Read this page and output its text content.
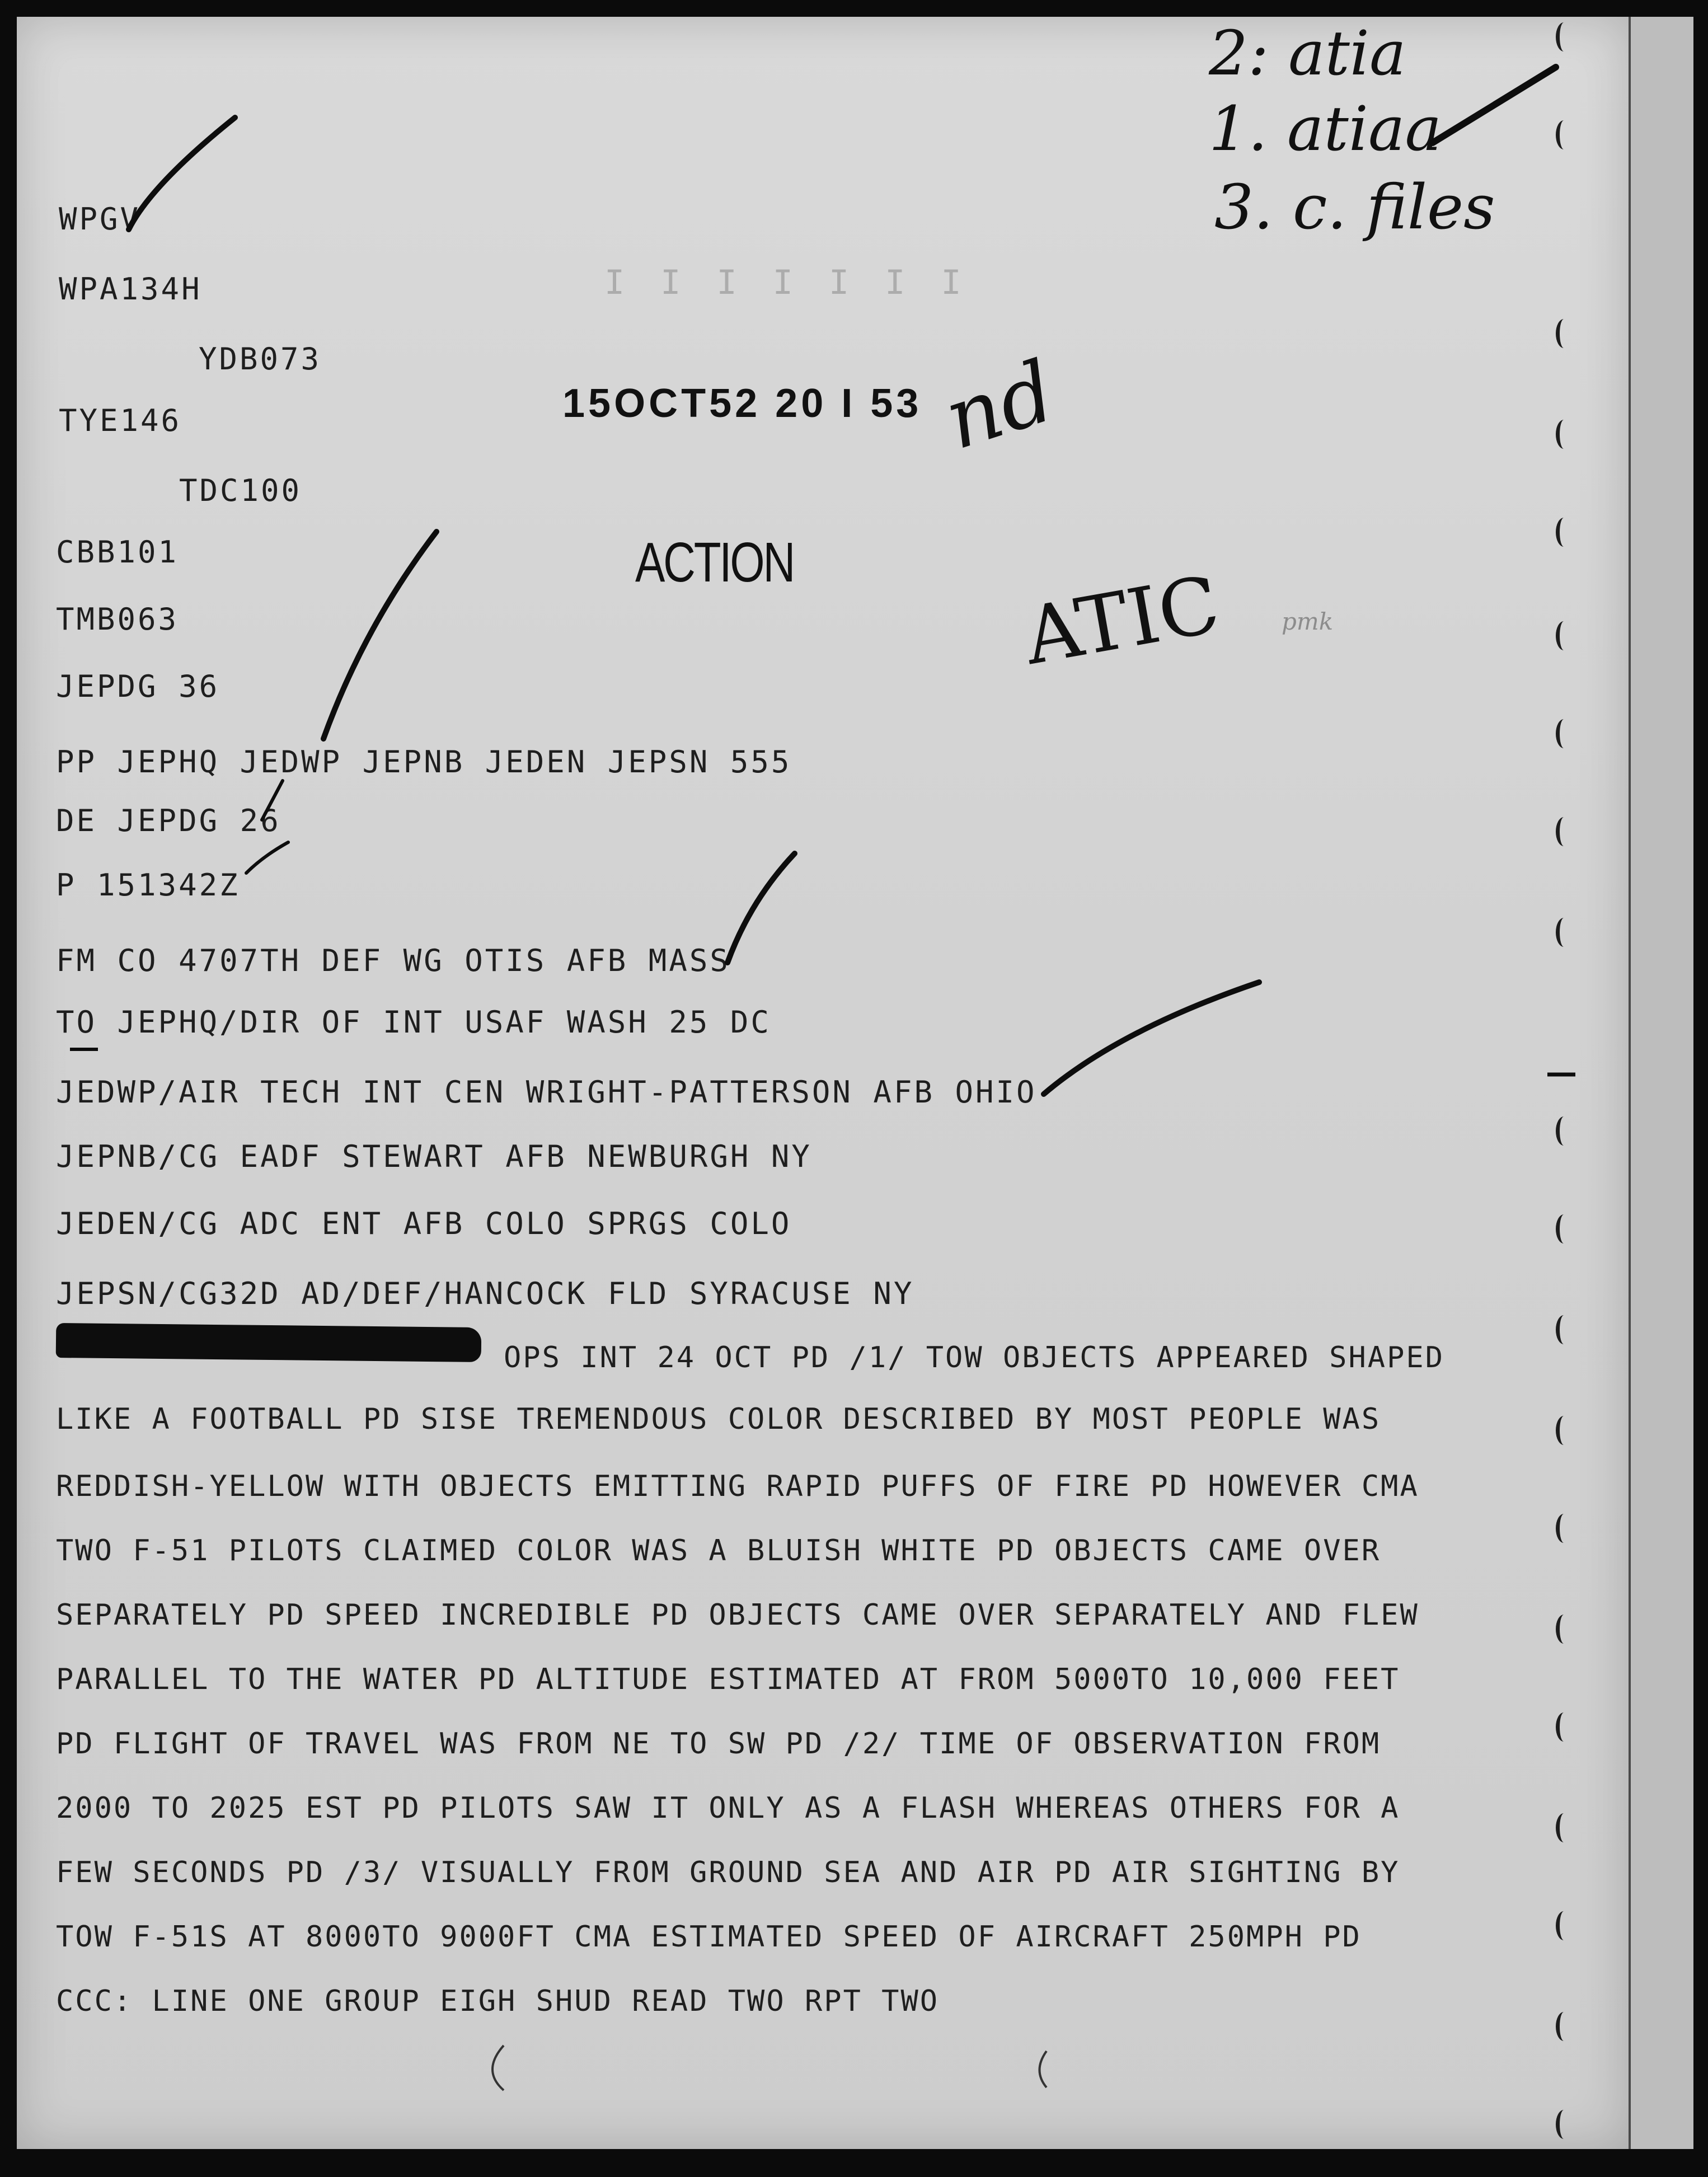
WPGV
WPA134H
YDB073
TYE146
TDC100
CBB101
TMB063
JEPDG 36
PP JEPHQ JEDWP JEPNB JEDEN JEPSN 555
DE JEPDG 26
P 151342Z
FM CO 4707TH DEF WG OTIS AFB MASS
TO JEPHQ/DIR OF INT USAF WASH 25 DC
JEDWP/AIR TECH INT CEN WRIGHT-PATTERSON AFB OHIO
JEPNB/CG EADF STEWART AFB NEWBURGH NY
JEDEN/CG ADC ENT AFB COLO SPRGS COLO
JEPSN/CG32D AD/DEF/HANCOCK FLD SYRACUSE NY
I I I I I I I
15OCT52 20 I 53
ACTION
OPS INT 24 OCT PD /1/ TOW OBJECTS APPEARED SHAPED
LIKE A FOOTBALL PD SISE TREMENDOUS COLOR DESCRIBED BY MOST PEOPLE WAS
REDDISH-YELLOW WITH OBJECTS EMITTING RAPID PUFFS OF FIRE PD HOWEVER CMA
TWO F-51 PILOTS CLAIMED COLOR WAS A BLUISH WHITE PD OBJECTS CAME OVER
SEPARATELY PD SPEED INCREDIBLE PD OBJECTS CAME OVER SEPARATELY AND FLEW
PARALLEL TO THE WATER PD ALTITUDE ESTIMATED AT FROM 5000TO 10,000 FEET
PD FLIGHT OF TRAVEL WAS FROM NE TO SW PD /2/ TIME OF OBSERVATION FROM
2000 TO 2025 EST PD PILOTS SAW IT ONLY AS A FLASH WHEREAS OTHERS FOR A
FEW SECONDS PD /3/ VISUALLY FROM GROUND SEA AND AIR PD AIR SIGHTING BY
TOW F-51S AT 8000TO 9000FT CMA ESTIMATED SPEED OF AIRCRAFT 250MPH PD
CCC: LINE ONE GROUP EIGH SHUD READ TWO RPT TWO
2: atia
1. atiaa
3. c. files
ATIC
nd
pmk
